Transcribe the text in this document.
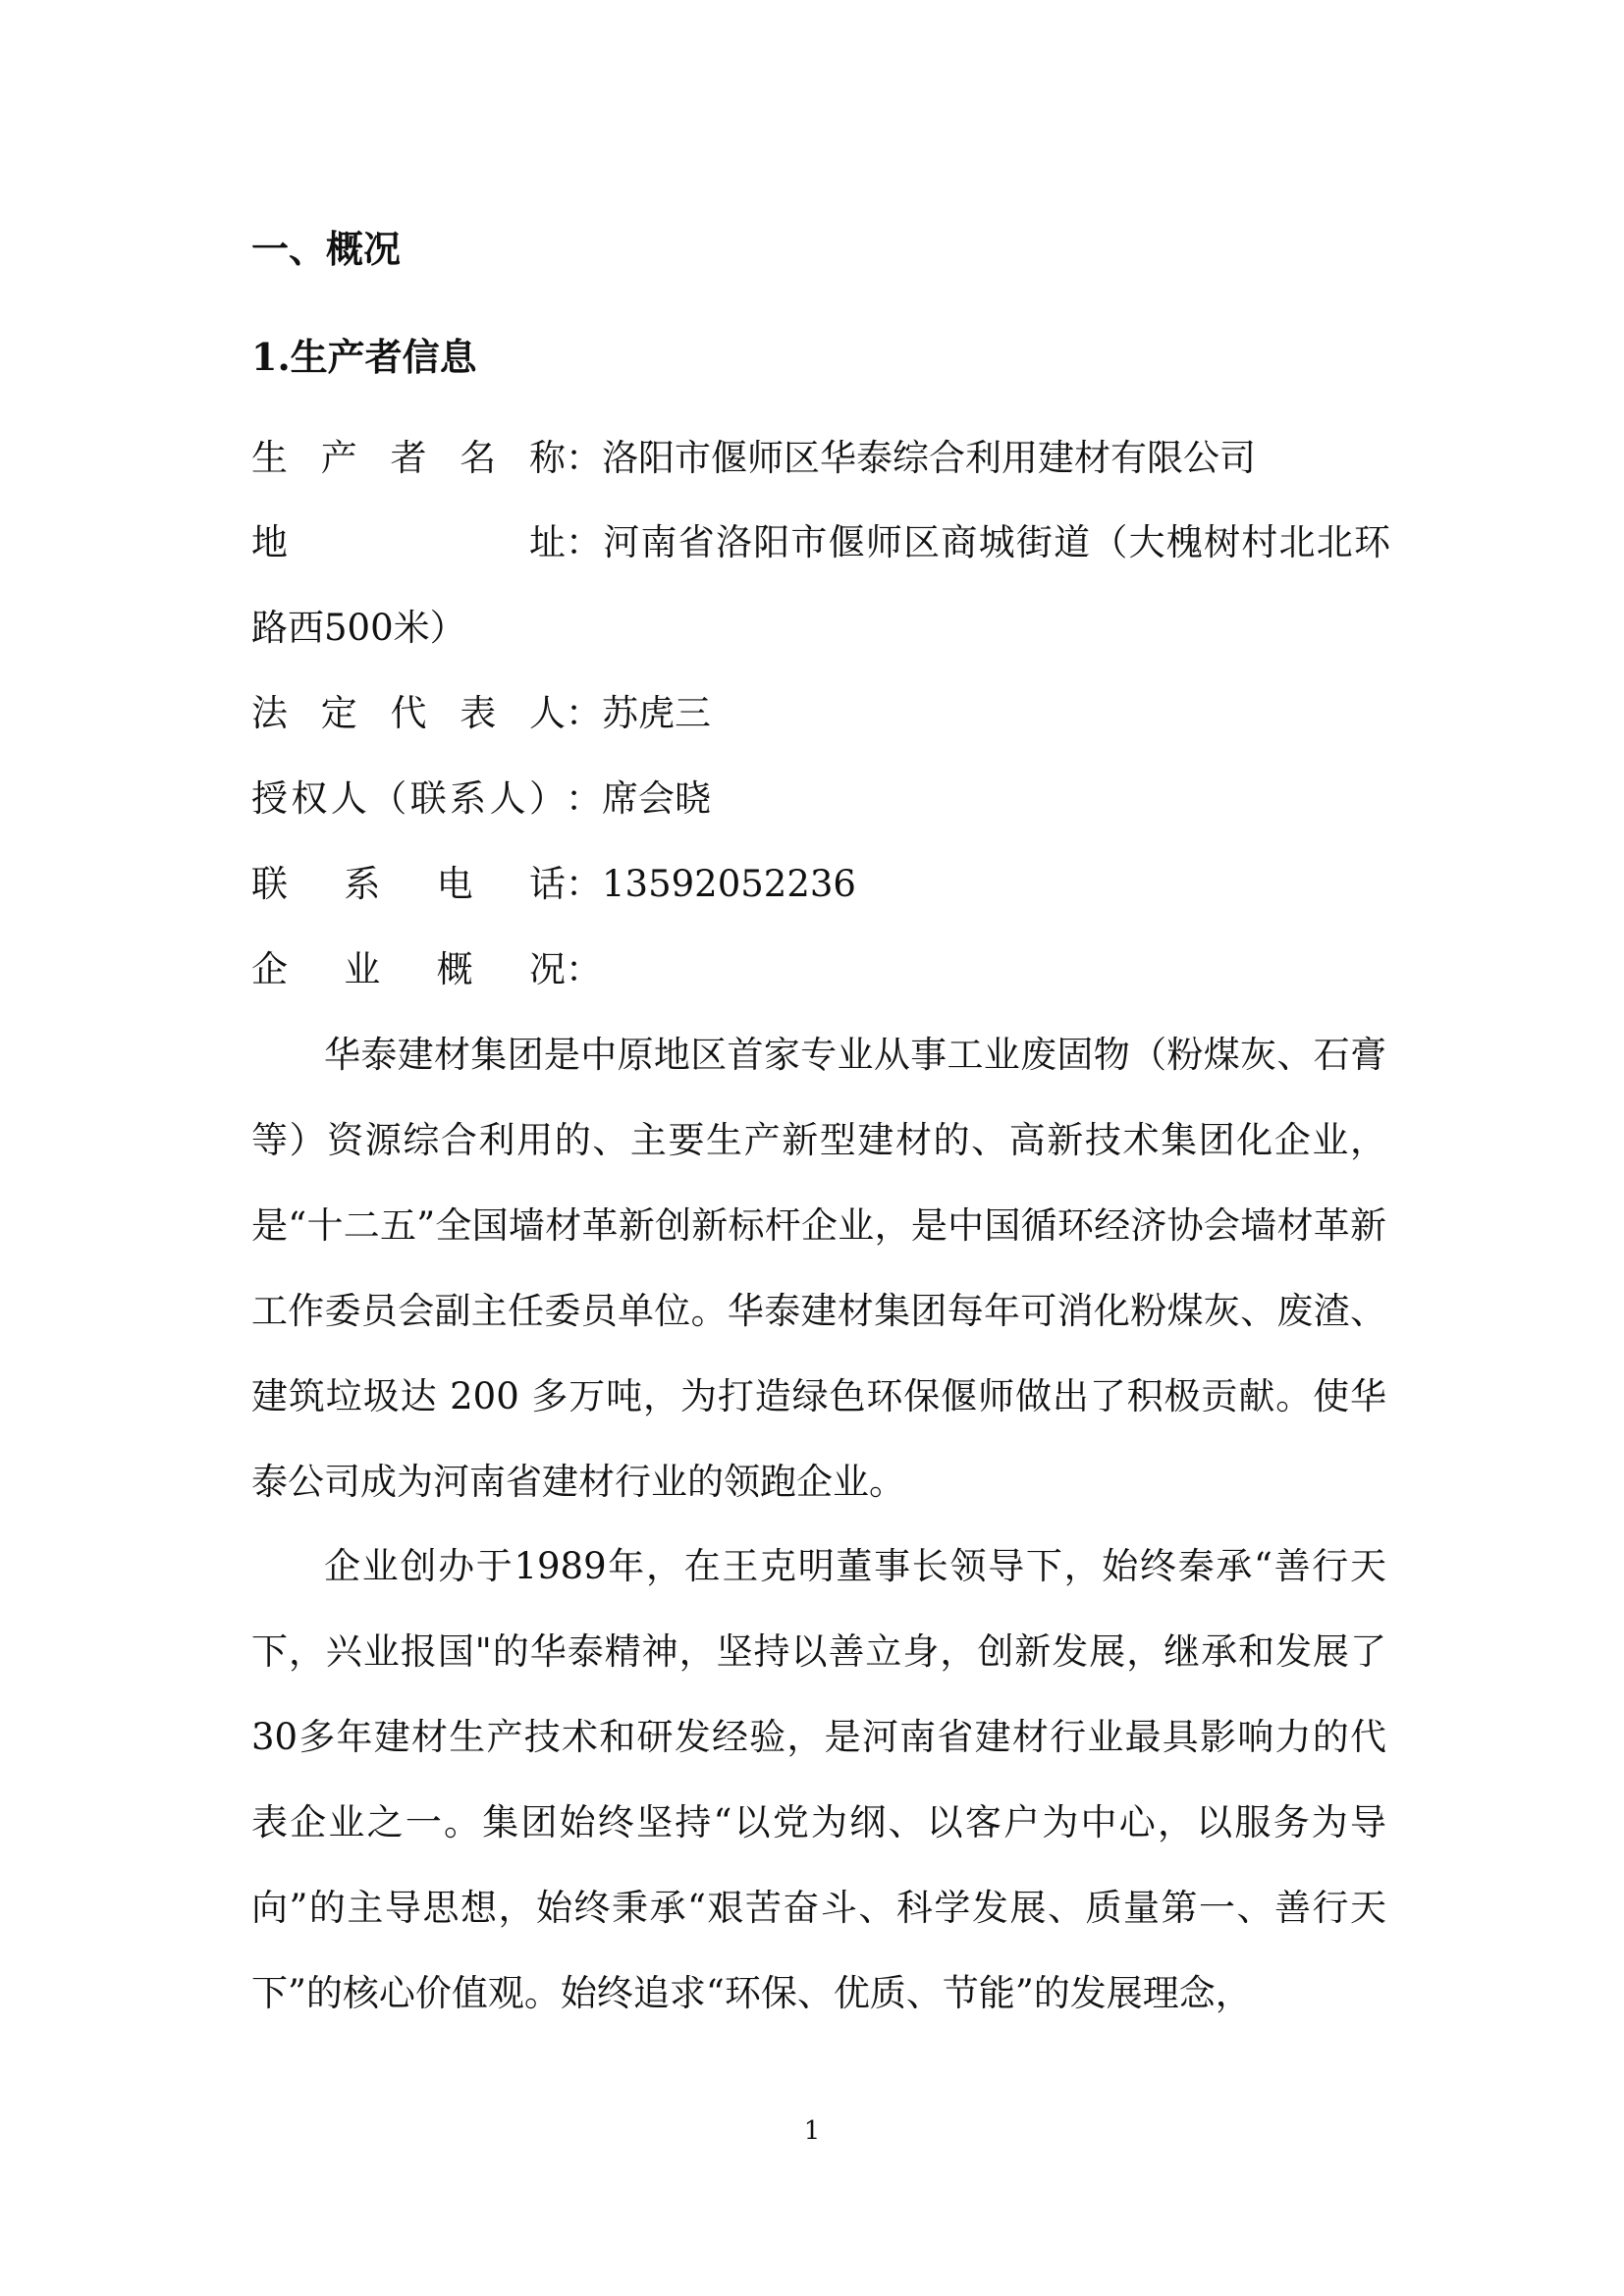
一、概况
1.生产者信息
生产者名称：洛阳市偃师区华泰综合利用建材有限公司

地址：河南省洛阳市偃师区商城街道（大槐树村北北环路西500米）

法定代表人：苏虎三
授权人（联系人）：席会晓
联系电话：13592052236
企业概况：

华泰建材集团是中原地区首家专业从事工业废固物（粉煤灰、石膏等）资源综合利用的、主要生产新型建材的、高新技术集团化企业，是“十二五”全国墙材革新创新标杆企业，是中国循环经济协会墙材革新工作委员会副主任委员单位。华泰建材集团每年可消化粉煤灰、废渣、建筑垃圾达 200 多万吨，为打造绿色环保偃师做出了积极贡献。使华泰公司成为河南省建材行业的领跑企业。

企业创办于1989年，在王克明董事长领导下，始终秦承“善行天下，兴业报国"的华泰精神，坚持以善立身，创新发展，继承和发展了30多年建材生产技术和研发经验，是河南省建材行业最具影响力的代表企业之一。集团始终坚持“以党为纲、以客户为中心，以服务为导向”的主导思想，始终秉承“艰苦奋斗、科学发展、质量第一、善行天下”的核心价值观。始终追求“环保、优质、节能”的发展理念，

1
